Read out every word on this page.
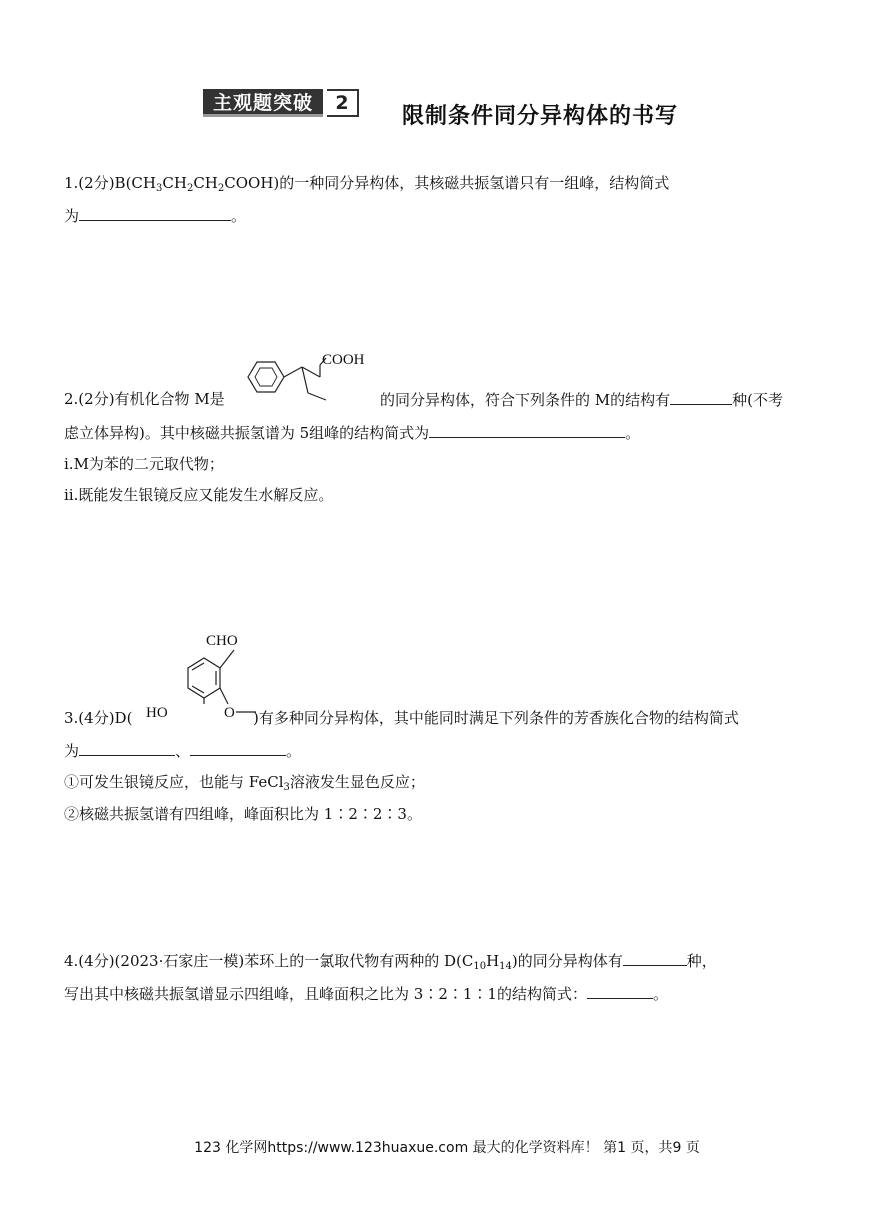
主观题突破	2
限制条件同分异构体的书写
1.(2分)$B(CH_3CH_2CH_2COOH)$的一种同分异构体，其核磁共振氢谱只有一组峰，结构简式
为	。
COOH
2.(2分)有机化合物 M是	的同分异构体，符合下列条件的 M的结构有	种(不考
虑立体异构)。其中核磁共振氢谱为 5组峰的结构简式为	。
ⅰ.M为苯的二元取代物；
ⅱ.既能发生银镜反应又能发生水解反应。
CHO
HO	O
3.(4分)D(	)有多种同分异构体，其中能同时满足下列条件的芳香族化合物的结构简式
为	、	。
①可发生银镜反应，也能与 FeCl$_3$溶液发生显色反应；
②核磁共振氢谱有四组峰，峰面积比为 1∶2∶2∶3。
4.(4分)(2023·石家庄一模)苯环上的一氯取代物有两种的 $D(C_{10}H_{14})$的同分异构体有	种，
写出其中核磁共振氢谱显示四组峰，且峰面积之比为 3∶2∶1∶1的结构简式：	。
123 化学网https://www.123huaxue.com 最大的化学资料库！ 第1 页，共9 页
